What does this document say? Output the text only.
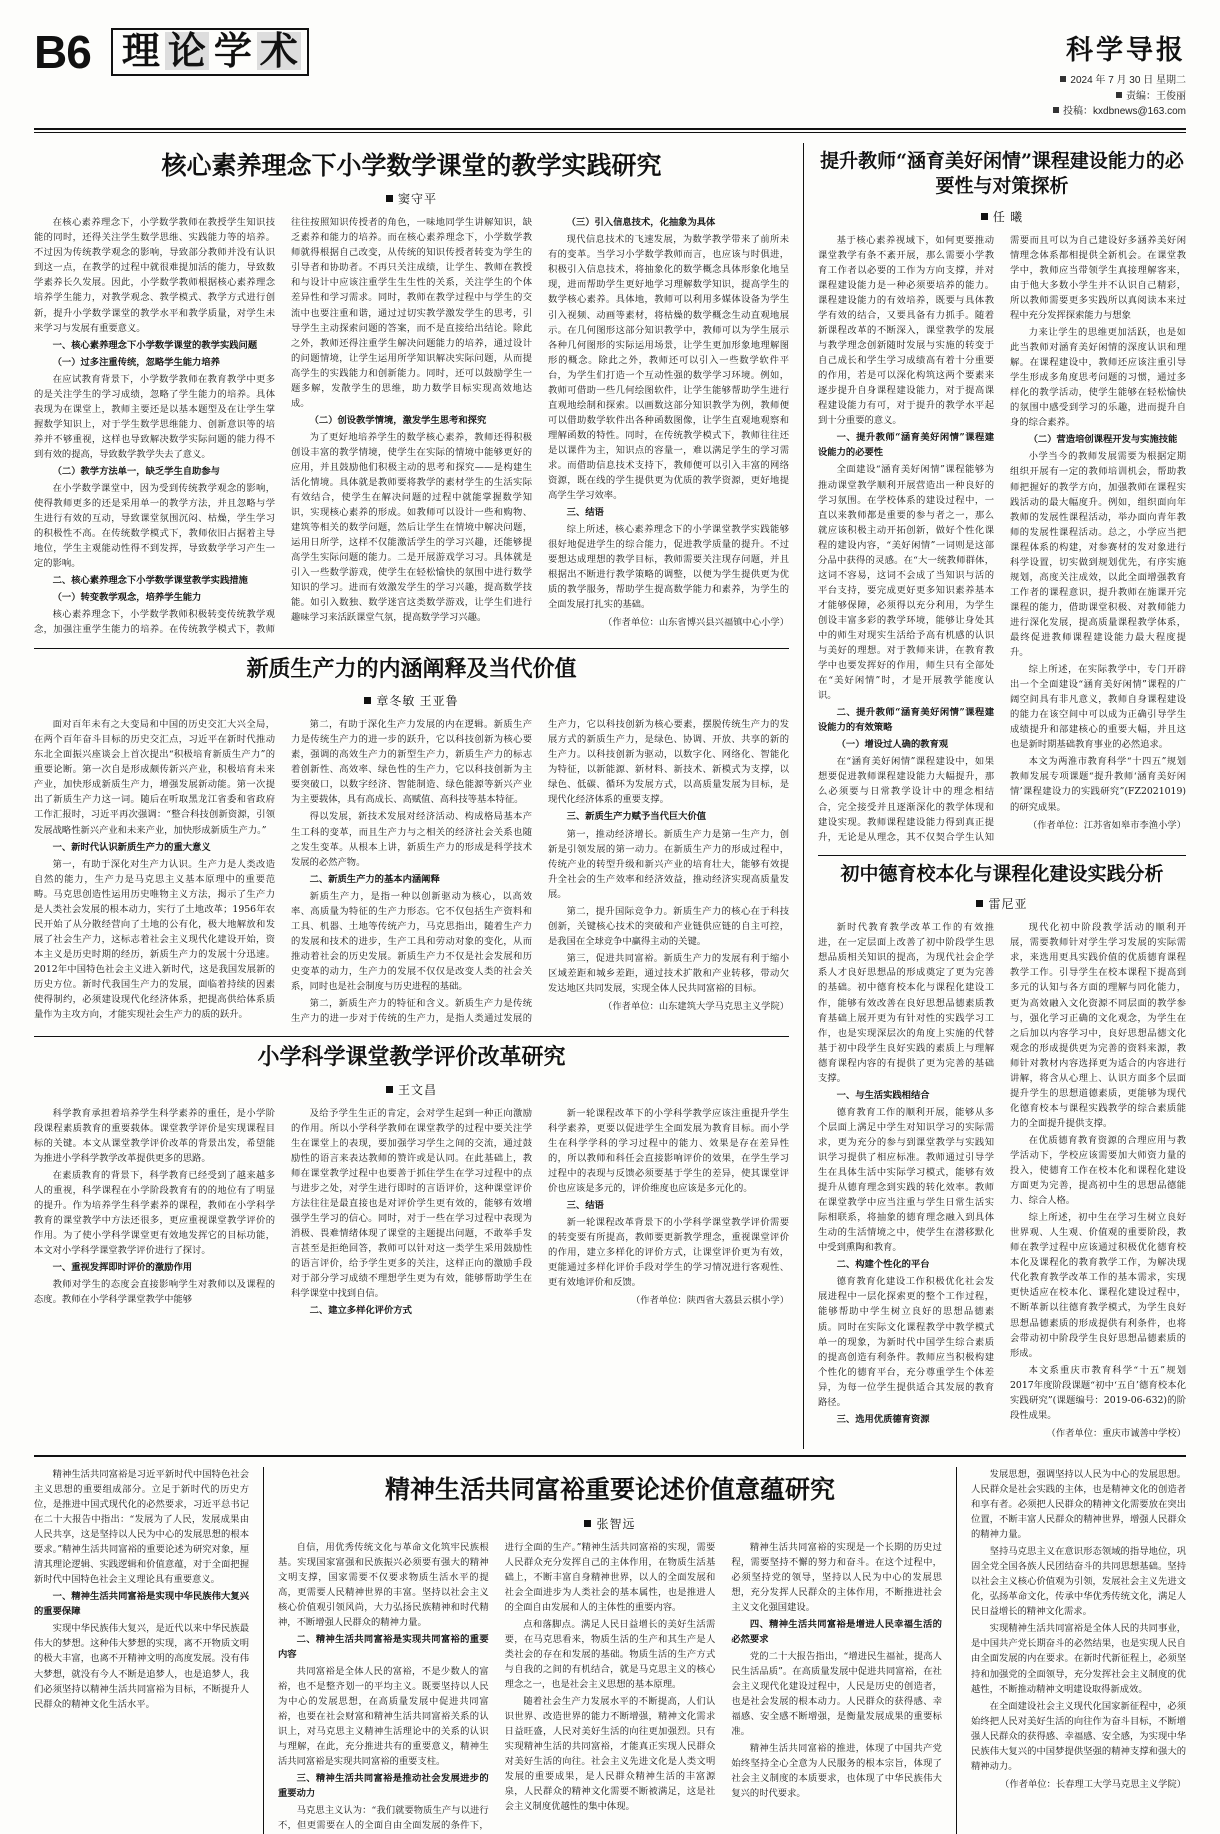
B6 理 论 学 术	科学导报
2024 年 7 月 30 日 星期二
责编：王俊丽
投稿：kxdbnews@163.com
核心素养理念下小学数学课堂的教学实践研究
窦守平

在核心素养理念下，小学数学教师在教授学生知识技能的同时，还得关注学生数学思维、实践能力等的培养。不过因为传统教学观念的影响，导致部分教师并没有认识到这一点，在教学的过程中就很难提加活的能力，导致数学素养长久发展。因此，小学数学教师根据核心素养理念培养学生能力，对教学观念、教学模式、教学方式进行创新，提升小学数学课堂的教学水平和教学质量，对学生未来学习与发展有重要意义。

一、核心素养理念下小学数学课堂的教学实践问题

（一）过多注重传统，忽略学生能力培养

在应试教育背景下，小学数学教师在教育教学中更多的是关注学生的学习成绩，忽略了学生能力的培养。具体表现为在课堂上，教师主要还是以基本题型及在让学生掌握数学知识上，对于学生数学思维能力、创新意识等的培养并不够重视，这样也导致解决数学实际问题的能力得不到有效的提高，导致数学教学失去了意义。

（二）教学方法单一，缺乏学生自助参与

在小学数学课堂中，因为受到传统教学观念的影响，使得教师更多的还是采用单一的教学方法，并且忽略与学生进行有效的互动，导致课堂氛围沉闷、枯燥，学生学习的积极性不高。在传统数学模式下，教师依旧占据着主导地位，学生主观能动性得不到发挥，导致数学学习产生一定的影响。

二、核心素养理念下小学数学课堂教学实践措施

（一）转变教学观念，培养学生能力

核心素养理念下，小学数学教师积极转变传统教学观念，加强注重学生能力的培养。在传统教学模式下，教师往往按照知识传授者的角色，一味地同学生讲解知识，缺乏素养和能力的培养。而在核心素养理念下，小学数学教师就得根据自己改变，从传统的知识传授者转变为学生的引导者和协助者。不再只关注成绩，让学生、教师在教授和与设计中应该注重学生生生性的关系，关注学生的个体差异性和学习需求。同时，教师在教学过程中与学生的交流中也要注重和谐，通过过切实教学激发学生的思考，引导学生主动探索问题的答案，而不是直接给出结论。除此之外，教师还得注重学生解决问题能力的培养，通过设计的问题情境，让学生运用所学知识解决实际问题，从而提高学生的实践能力和创新能力。同时，还可以鼓励学生一题多解，发散学生的思维，助力数学目标实现高效地达成。

（二）创设教学情境，激发学生思考和探究

为了更好地培养学生的数学核心素养，教师还得积极创设丰富的教学情境，使学生在实际的情境中能够更好的应用，并且鼓励他们积极主动的思考和探究——是构建生活化情境。具体就是教师要将教学的素材学生的生活实际有效结合，使学生在解决问题的过程中就能掌握数学知识，实现核心素养的形成。如教师可以设计一些和购物、建筑等相关的数学问题，然后让学生在情境中解决问题，运用日所学，这样不仅能激活学生的学习兴趣，还能够提高学生实际问题的能力。二是开展游戏学习习。具体就是引入一些数学游戏，使学生在轻松愉快的氛围中进行数学知识的学习。进而有效激发学生的学习兴趣，提高数学技能。如引入数独、数学迷宫这类数学游戏，让学生们进行趣味学习来活跃课堂气氛，提高数学学习兴趣。

（三）引入信息技术，化抽象为具体

现代信息技术的飞速发展，为数学教学带来了前所未有的变革。当学习小学数学教师而言，也应该与时俱进，积极引入信息技术，将抽象化的数学概念具体形象化地呈现，进而帮助学生更好地学习理解数学知识，提高学生的数学核心素养。具体地，教师可以利用多媒体设备为学生引入视频、动画等素材，将枯燥的数学概念生动直观地展示。在几何图形这部分知识教学中，教师可以为学生展示各种几何图形的实际运用场景，让学生更加形象地理解图形的概念。除此之外，教师还可以引入一些数学软件平台，为学生们打造一个互动性强的数学学习环境。例如，教师可借助一些几何绘图软件，让学生能够帮助学生进行直观地绘制和探索。以画数这部分知识教学为例，教师便可以借助数学软件出各种函数图像，让学生直观地观察和理解函数的特性。同时，在传统教学模式下，教师往往还是以课件为主，知识点的容量一，难以满足学生的学习需求。而借助信息技术支持下，教师便可以引入丰富的网络资源，既在线的学生提供更为优质的教学资源，更好地提高学生学习效率。

三、结语

综上所述，核心素养理念下的小学课堂教学实践能够很好地促进学生的综合能力，促进教学质量的提升。不过要想达成理想的教学目标，教师需要关注现存问题，并且根据出不断进行教学策略的调整，以便为学生提供更为优质的教学服务，帮助学生提高数学能力和素养，为学生的全面发展打扎实的基础。

（作者单位：山东省博兴县兴福镇中心小学）

新质生产力的内涵阐释及当代价值
章冬敏 王亚鲁

面对百年未有之大变局和中国的历史交汇大兴全局，在两个百年奋斗目标的历史交汇点，习近平在新时代推动东北全面振兴座谈会上首次提出“积极培育新质生产力”的重要论断。第一次自是形成颇传新兴产业，积极培育未来产业，加快形成新质生产力，增强发展新动能。第一次提出了新质生产力这一词。随后在听取黑龙江省委和省政府工作汇报时，习近平再次强调：“整合科技创新资源，引领发展战略性新兴产业和未来产业，加快形成新质生产力。”

一、新时代认识新质生产力的重大意义

第一，有助于深化对生产力认识。生产力是人类改造自然的能力，生产力是马克思主义基本原理中的重要范畴。马克思创造性运用历史唯物主义方法，揭示了生产力是人类社会发展的根本动力，实行了土地改革；1956年农民开始了从分散经营向了土地的公有化，极大地解放和发展了社会生产力，这标志着社会主义现代化建设开始，资本主义是历史时期的经历，新质生产力的发展十分迅速。2012年中国特色社会主义进入新时代，这是我国发展新的历史方位。新时代我国生产力的发展，面临着持续的因素使得制约，必须建设现代化经济体系，把提高供给体系质量作为主攻方向，才能实现社会生产力的质的跃升。

第二，有助于深化生产力发展的内在逻辑。新质生产力是传统生产力的进一步的跃升，它以科技创新为核心要素，强调的高效生产力的新型生产力，新质生产力的标志着创新性、高效率、绿色性的生产力，它以科技创新为主要突破口，以数字经济、智能制造、绿色能源等新兴产业为主要载体，具有高成长、高赋值、高科技等基本特征。

得以发展，新技术发展对经济活动、构成格局基本产生工科的变革，而且生产力与之相关的经济社会关系也随之发生变革。从根本上讲，新质生产力的形成是科学技术发展的必然产物。

二、新质生产力的基本内涵阐释

新质生产力，是指一种以创新驱动为核心，以高效率、高质量为特征的生产力形态。它不仅包括生产资料和工具、机器、土地等传统产力，马克思指出，随着生产力的发展和技术的进步，生产工具和劳动对象的变化，从而推动着社会的历史发展。新质生产力不仅是社会发展和历史变革的动力，生产力的发展不仅仅是改变人类的社会关系，同时也是社会制度与历史进程的基础。

第二，新质生产力的特征和含义。新质生产力是传统生产力的进一步对于传统的生产力，是指人类通过发展的生产力，它以科技创新为核心要素，摆脱传统生产力的发展方式的新质生产力，是绿色、协调、开放、共享的新的生产力。以科技创新为驱动，以数字化、网络化、智能化为特征，以新能源、新材料、新技术、新模式为支撑，以绿色、低碳、循环为发展方式，以高质量发展为目标，是现代化经济体系的重要支撑。

三、新质生产力赋予当代巨大价值

第一，推动经济增长。新质生产力是第一生产力，创新是引领发展的第一动力。在新质生产力的形成过程中，传统产业的转型升级和新兴产业的培育壮大，能够有效提升全社会的生产效率和经济效益，推动经济实现高质量发展。

第二，提升国际竞争力。新质生产力的核心在于科技创新，关键核心技术的突破和产业链供应链的自主可控，是我国在全球竞争中赢得主动的关键。

第三，促进共同富裕。新质生产力的发展有利于缩小区域差距和城乡差距，通过技术扩散和产业转移，带动欠发达地区共同发展，实现全体人民共同富裕的目标。

（作者单位：山东建筑大学马克思主义学院）

小学科学课堂教学评价改革研究
王文昌

科学教育承担着培养学生科学素养的重任，是小学阶段课程素质教育的重要载体。课堂教学评价是实现课程目标的关键。本文从课堂教学评价改革的背景出发，希望能为推进小学科学教学改革提供更多的思路。

在素质教育的背景下，科学教育已经受到了越来越多人的重视，科学课程在小学阶段教育有的的地位有了明显的提升。作为培养学生科学素养的课程，教师在小学科学教育的课堂教学中方法还很多，更应重视课堂教学评价的作用。为了使小学科学课堂更有效地发挥它的目标功能，本文对小学科学课堂教学评价进行了探讨。

一、重视发挥即时评价的激励作用

教师对学生的态度会直接影响学生对教师以及课程的态度。教师在小学科学课堂教学中能够

及给予学生生正的肯定，会对学生起到一种正向激励的作用。所以小学科学教师在课堂教学的过程中要关注学生在课堂上的表现，要加强学习学生之间的交流，通过鼓励性的语言来表达教师的赞许或是认同。在此基础上，教师在课堂教学过程中也要善于抓住学生在学习过程中的点与进步之处，对学生进行即时的言语评价，这种课堂评价方法往往是最直接也是对评价学生更有效的，能够有效增强学生学习的信心。同时，对于一些在学习过程中表现为消极、畏难情绪体现了课堂的主题提出问题，不敢举手发言甚至是拒绝回答，教师可以针对这一类学生采用鼓励性的语言评价，给予学生更多的关注，这样正向的激励手段对于部分学习成绩不理想学生更为有效，能够帮助学生在科学课堂中找到自信。

二、建立多样化评价方式

新一轮课程改革下的小学科学教学应该注重提升学生科学素养，更要以促进学生全面发展为教育目标。而小学生在科学学科的学习过程中的能力、效果是存在差异性的，所以教师和科任会直接影响评价的效果，在学生学习过程中的表现与反馈必须要基于学生的差异，使其课堂评价也应该是多元的，评价维度也应该是多元化的。

三、结语

新一轮课程改革背景下的小学科学课堂教学评价需要的转变要有所提高，教师要更新教学理念，重视课堂评价的作用，建立多样化的评价方式，让课堂评价更为有效，更能通过多样化评价手段对学生的学习情况进行客观性、更有效地评价和反馈。

（作者单位：陕西省大荔县云棋小学）

提升教师“涵育美好闲情”课程建设能力的必要性与对策探析
任 曦

基于核心素养视域下，如何更要推动课堂教学有条不紊开展，那么需要小学教育工作者以必要的工作为方向支撑，并对课程建设能力是一种必须要培养的能力。课程建设能力的有效培养，既要与具体教学有效的结合，又要具备有力抓手。随着新课程改革的不断深入，课堂教学的发展与教学理念创新随时发展与实施的转变于自己成长和学生学习成绩高有着十分重要的作用，若是可以深化构筑这两个要素来逐步提升自身课程建设能力，对于提高课程建设能力有可，对于提升的教学水平起到十分重要的意义。

一、提升教师“涵育美好闲情”课程建设能力的必要性

全面建设“涵育美好闲情”课程能够为推动课堂教学顺利开展营造出一种良好的学习氛围。在学校体系的建设过程中，一直以来教师都是重要的参与者之一，那么就应该积极主动开拓创新，做好个性化课程的建设内容，“美好闲情”一词则是这部分品中获得的灵感。在“大一统教师群体，这词不容易，这词不会成了当知识与活的平台支持，要完成更好更多知识素养基本才能够保障，必须得以充分利用，为学生创设丰富多彩的教学环境，能够让身处其中的师生对现实生活给予高有机感的认识与美好的理想。对于教师来讲，在教育教学中也要发挥好的作用，师生只有全部处在“美好闲情”时，才是开展教学能度认识。

二、提升教师“涵育美好闲情”课程建设能力的有效策略

（一）增设过人确的教育观

在“涵育美好闲情”课程建设中，如果想要促进教师课程建设能力大幅提升，那么必须要与日常教学设计中的理念相结合，完全接受并且逐渐深化的教学体现和建设实现。教师课程建设能力得到真正提升，无论是从理念，其不仅契合学生认知需要而且可以为自己建设好多涵养美好闲情理念体系都相提供全新机会。在课堂教学中，教师应当带领学生真接理解客来，由于他大多数小学生并不认识自己精彩，所以教师需要更多实践所以真阅读本来过程中充分发挥探索能力与想象

力来让学生的思维更加活跃，也是如此当教师对涵育美好闲情的深度认识和理解。在课程建设中，教师还应该注重引导学生形成多角度思考问题的习惯，通过多样化的教学活动，使学生能够在轻松愉快的氛围中感受到学习的乐趣，进而提升自身的综合素养。

（二）营造培创课程开发与实施技能

小学当今的教师发展需要为根据定期组织开展有一定的教师培训机会，帮助教师把握好的教学方向，加强教师在课程实践活动的最大幅度升。例如，组织面向年教师的发展性课程活动，举办面向青年教师的发展性课程活动。总之，小学应当把课程体系的构建，对参赛材的发对象进行科学设置，切实做到规划优先，有序实施规划，高度关注成效，以此全面增强教育工作者的课程意识，提升教师在施课开完课程的能力，借助课堂积极、对教师能力进行深化发展，提高质量课程教学体系，最终促进教师课程建设能力最大程度提升。

综上所述，在实际教学中，专门开辟出一个全面建设“涵育美好闲情”课程的广阔空间具有非凡意义，教师自身课程建设的能力在该空间中可以成为正确引导学生成绩提升和部建核心的重要大幅，并且这也是新时期基础教育事业的必然追求。

本文为两淮市教育科学“十四五”规划教师发展专项课题“提升教师‘涵育美好闲情’课程建设力的实践研究”(FZ2021019)的研究成果。

（作者单位：江苏省如皋市李渔小学）

初中德育校本化与课程化建设实践分析
雷尼亚

新时代教育教学改革工作的有效推进，在一定层面上改善了初中阶段学生思想品质相关知识的提高，为现代社会企学系人才良好思想品的形成奠定了更为完善的基础。初中德育校本化与课程化建设工作，能够有效改善在良好思想品德素质教育基础上展开更为有针对性的实践学习工作，也是实现深层次的角度上实施的代替基于初中段学生良好实践的素质上与理解德育课程内容的有提供了更为完善的基础支撑。

一、与生活实践相结合

德育教育工作的顺利开展，能够从多个层面上满足中学生对知识学习的实际需求，更为充分的参与到课堂教学与实践知识学习提供了相应标准。教师通过引导学生在具体生活中实际学习模式，能够有效提升从德育理念到实践的转化效率。教师在课堂教学中应当注重与学生日常生活实际相联系，将抽象的德育理念融入到具体生动的生活情境之中，使学生在潜移默化中受到熏陶和教育。

二、构建个性化的平台

德育教育化建设工作积极优化社会发展进程中一层化探索更的整个工作过程，能够帮助中学生树立良好的思想品德素质。同时在实际文化课程教学中教学模式单一的现象，为新时代中国学生综合素质的提高创造有利条件。教师应当积极构建个性化的德育平台，充分尊重学生个体差异，为每一位学生提供适合其发展的教育路径。

三、选用优质德育资源

现代化初中阶段教学活动的顺利开展，需要教师针对学生学习发展的实际需求，来选用更具实践价值的优质德育课程教学工作。引导学生在校本课程下提高到多元的认知与各方面的理解与同化能力，更为高效融入文化资源不同层面的教学参与，强化学习正确的文化观念，为学生在之后加以内容学习中，良好思想品德文化观念的形成提供更为完善的资料来源，教师针对教材内容选择更为适合的内容进行讲解，将含从心理上、认识方面多个层面提升学生的思想道德素质，更能够为现代化德育校本与课程实践教学的综合素质能力的全面提升提供支撑。

在优质德育教育资源的合理应用与教学活动下，学校应该需要加大师资力量的投入，使德育工作在校本化和课程化建设方面更为完善，提高初中生的思想品德能力、综合人格。

综上所述，初中生在学习生树立良好世界观、人生观、价值观的重要阶段，教师在教学过程中应该通过积极优化德育校本化及课程化的教育教学工作，为解决现代化教育教学改革工作的基本需求，实现更快适应在校本化、课程化建设过程中，不断革新以往德育教学模式，为学生良好思想品德素质的形成提供有利条件，也将会带动初中阶段学生良好思想品德素质的形成。

本文系重庆市教育科学“十五”规划2017年度阶段课题“初中‘五自’德育校本化实践研究”(课题编号：2019-06-632)的阶段性成果。

（作者单位：重庆市诚善中学校）

精神生活共同富裕是习近平新时代中国特色社会主义思想的重要组成部分。立足于新时代的历史方位，是推进中国式现代化的必然要求，习近平总书记在二十大报告中指出：“发展为了人民，发展成果由人民共享，这是坚持以人民为中心的发展思想的根本要求。”精神生活共同富裕的重要论述为研究对象，厘清其理论逻辑、实践逻辑和价值意蕴，对于全面把握新时代中国特色社会主义理论具有重要意义。

一、精神生活共同富裕是实现中华民族伟大复兴的重要保障

实现中华民族伟大复兴，是近代以来中华民族最伟大的梦想。这种伟大梦想的实现，离不开物质文明的极大丰富，也离不开精神文明的高度发展。没有伟大梦想，就没有今人不断是追梦人，也是追梦人，我们必须坚持以精神生活共同富裕为目标，不断提升人民群众的精神文化生活水平。

精神生活共同富裕重要论述价值意蕴研究
张智远

自信，用优秀传统文化与革命文化筑牢民族根基。实现国家富强和民族振兴必须要有强大的精神文明支撑，国家需要不仅要求物质生活水平的提高，更需要人民精神世界的丰富。坚持以社会主义核心价值观引领风尚，大力弘扬民族精神和时代精神，不断增强人民群众的精神力量。

二、精神生活共同富裕是实现共同富裕的重要内容

共同富裕是全体人民的富裕，不是少数人的富裕，也不是整齐划一的平均主义。既要坚持以人民为中心的发展思想，在高质量发展中促进共同富裕，也要在社会财富和精神生活共同富裕关系的认识上，对马克思主义精神生活理论中的关系的认识与理解，在此，充分推进共有的重要意义，精神生活共同富裕是实现共同富裕的重要支柱。

三、精神生活共同富裕是推动社会发展进步的重要动力

马克思主义认为：“我们就要物质生产与以进行不，但更需要在人的全面自由全面发展的条件下，进行全面的生产。”精神生活共同富裕的实现，需要人民群众充分发挥自己的主体作用，在物质生活基础上，不断丰富自身精神世界，以人的全面发展和社会全面进步为人类社会的基本属性，也是推进人的全面自由发展和人的主体性的重要内容。

点和落脚点。满足人民日益增长的美好生活需要，在马克思看来，物质生活的生产和其生产是人类社会的存在和发展的基础。物质生活的生产方式与自我的之间的有机结合，就是马克思主义的核心理念之一，也是社会主义思想的基本原理。

随着社会生产力发展水平的不断提高，人们认识世界、改造世界的能力不断增强，精神文化需求日益旺盛，人民对美好生活的向往更加强烈。只有实现精神生活的共同富裕，才能真正实现人民群众对美好生活的向往。社会主义先进文化是人类文明发展的重要成果，是人民群众精神生活的丰富源泉，人民群众的精神文化需要不断被满足，这是社会主义制度优越性的集中体现。

精神生活共同富裕的实现是一个长期的历史过程，需要坚持不懈的努力和奋斗。在这个过程中，必须坚持党的领导，坚持以人民为中心的发展思想，充分发挥人民群众的主体作用，不断推进社会主义文化强国建设。

四、精神生活共同富裕是增进人民幸福生活的必然要求

党的二十大报告指出，“增进民生福祉，提高人民生活品质”。在高质量发展中促进共同富裕，在社会主义现代化建设过程中，人民是历史的创造者，也是社会发展的根本动力。人民群众的获得感、幸福感、安全感不断增强，是衡量发展成果的重要标准。

精神生活共同富裕的推进，体现了中国共产党始终坚持全心全意为人民服务的根本宗旨，体现了社会主义制度的本质要求，也体现了中华民族伟大复兴的时代要求。

发展思想，强调坚持以人民为中心的发展思想。人民群众是社会实践的主体，也是精神文化的创造者和享有者。必须把人民群众的精神文化需要放在突出位置，不断丰富人民群众的精神世界，增强人民群众的精神力量。

坚持马克思主义在意识形态领域的指导地位，巩固全党全国各族人民团结奋斗的共同思想基础。坚持以社会主义核心价值观为引领，发展社会主义先进文化，弘扬革命文化，传承中华优秀传统文化，满足人民日益增长的精神文化需求。

实现精神生活共同富裕是全体人民的共同事业，是中国共产党长期奋斗的必然结果，也是实现人民自由全面发展的内在要求。在新时代新征程上，必须坚持和加强党的全面领导，充分发挥社会主义制度的优越性，不断推动精神文明建设取得新成效。

在全面建设社会主义现代化国家新征程中，必须始终把人民对美好生活的向往作为奋斗目标，不断增强人民群众的获得感、幸福感、安全感，为实现中华民族伟大复兴的中国梦提供坚强的精神支撑和强大的精神动力。

（作者单位：长春理工大学马克思主义学院）
